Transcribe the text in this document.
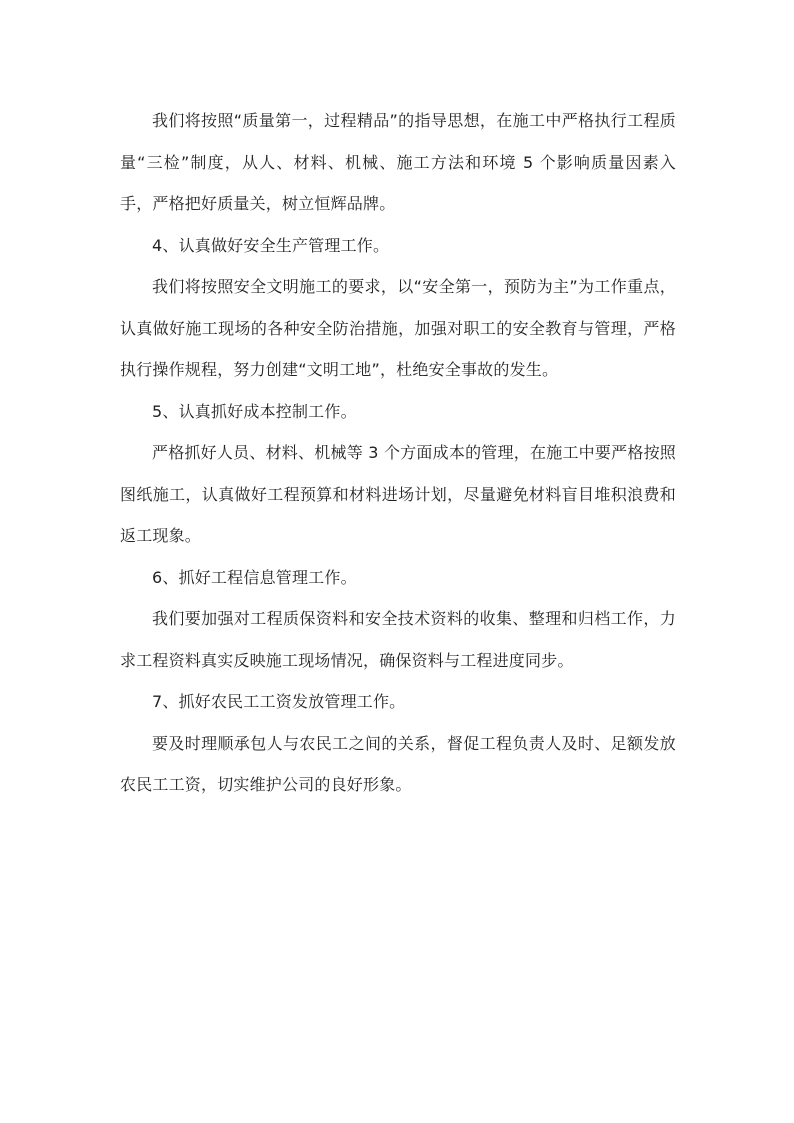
我们将按照“质量第一，过程精品”的指导思想，在施工中严格执行工程质量“三检”制度，从人、材料、机械、施工方法和环境 5 个影响质量因素入手，严格把好质量关，树立恒辉品牌。

4、认真做好安全生产管理工作。

我们将按照安全文明施工的要求，以“安全第一，预防为主”为工作重点，认真做好施工现场的各种安全防治措施，加强对职工的安全教育与管理，严格执行操作规程，努力创建“文明工地”，杜绝安全事故的发生。

5、认真抓好成本控制工作。

严格抓好人员、材料、机械等 3 个方面成本的管理，在施工中要严格按照图纸施工，认真做好工程预算和材料进场计划，尽量避免材料盲目堆积浪费和返工现象。

6、抓好工程信息管理工作。

我们要加强对工程质保资料和安全技术资料的收集、整理和归档工作，力求工程资料真实反映施工现场情况，确保资料与工程进度同步。

7、抓好农民工工资发放管理工作。

要及时理顺承包人与农民工之间的关系，督促工程负责人及时、足额发放农民工工资，切实维护公司的良好形象。
